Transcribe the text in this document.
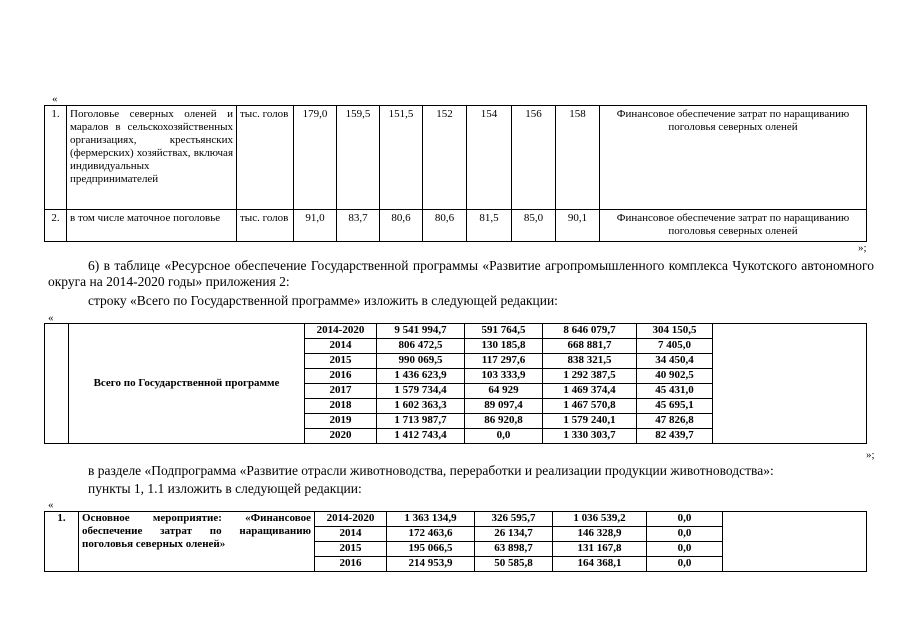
«
1.	Поголовье северных оленей и маралов в сельскохозяйственных организациях, крестьянских (фермерских) хозяйствах, включая индивидуальных предпринимателей	тыс. голов	179,0	159,5	151,5	152	154	156	158	Финансовое обеспечение затрат по наращиванию поголовья северных оленей
2.	в том числе маточное поголовье	тыс. голов	91,0	83,7	80,6	80,6	81,5	85,0	90,1	Финансовое обеспечение затрат по наращиванию поголовья северных оленей
»;
6) в таблице «Ресурсное обеспечение Государственной программы «Развитие агропромышленного комплекса Чукотского автономного округа на 2014-2020 годы» приложения 2:
строку «Всего по Государственной программе» изложить в следующей редакции:
«
	Всего по Государственной программе	2014-2020	9 541 994,7	591 764,5	8 646 079,7	304 150,5	
		2014	806 472,5	130 185,8	668 881,7	7 405,0	
		2015	990 069,5	117 297,6	838 321,5	34 450,4	
		2016	1 436 623,9	103 333,9	1 292 387,5	40 902,5	
		2017	1 579 734,4	64 929	1 469 374,4	45 431,0	
		2018	1 602 363,3	89 097,4	1 467 570,8	45 695,1	
		2019	1 713 987,7	86 920,8	1 579 240,1	47 826,8	
		2020	1 412 743,4	0,0	1 330 303,7	82 439,7	
»;
в разделе «Подпрограмма «Развитие отрасли животноводства, переработки и реализации продукции животноводства»:
пункты 1, 1.1 изложить в следующей редакции:
«
1.	Основное мероприятие: «Финансовое обеспечение затрат по наращиванию поголовья северных оленей»	2014-2020	1 363 134,9	326 595,7	1 036 539,2	0,0	
		2014	172 463,6	26 134,7	146 328,9	0,0	
		2015	195 066,5	63 898,7	131 167,8	0,0	
		2016	214 953,9	50 585,8	164 368,1	0,0	
